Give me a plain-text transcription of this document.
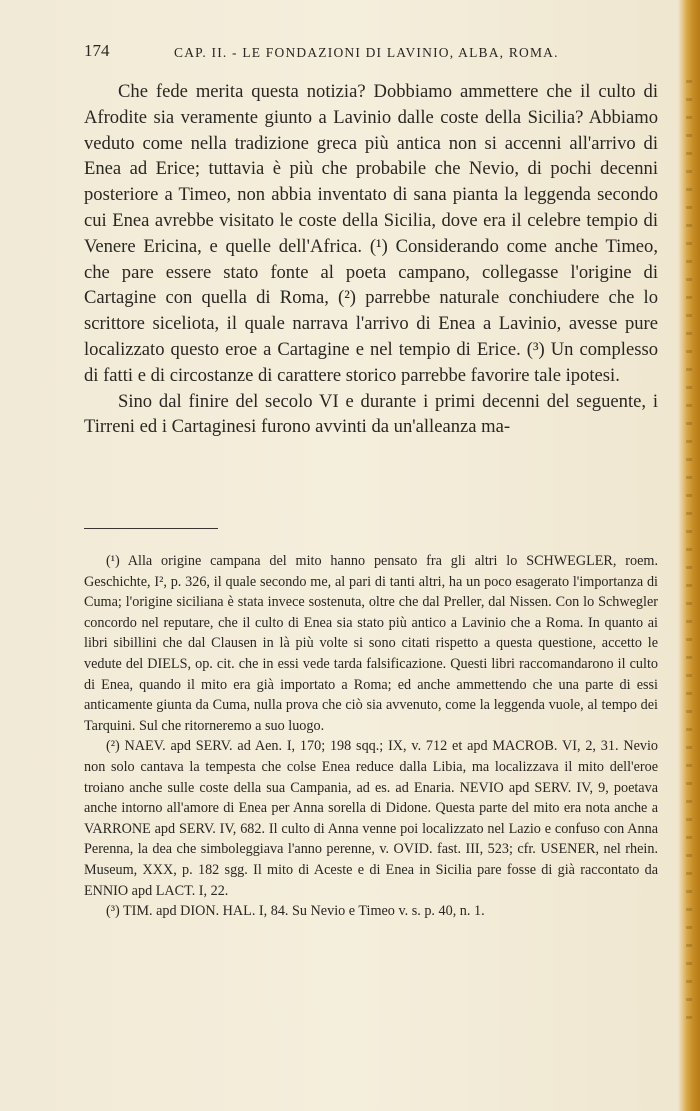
174	CAP. II. - LE FONDAZIONI DI LAVINIO, ALBA, ROMA.

Che fede merita questa notizia? Dobbiamo ammettere che il culto di Afrodite sia veramente giunto a Lavinio dalle coste della Sicilia? Abbiamo veduto come nella tradizione greca più antica non si accenni all'arrivo di Enea ad Erice; tuttavia è più che probabile che Nevio, di pochi decenni posteriore a Timeo, non abbia inventato di sana pianta la leggenda secondo cui Enea avrebbe visitato le coste della Sicilia, dove era il celebre tempio di Venere Ericina, e quelle dell'Africa. (¹) Considerando come anche Timeo, che pare essere stato fonte al poeta campano, collegasse l'origine di Cartagine con quella di Roma, (²) parrebbe naturale conchiudere che lo scrittore siceliota, il quale narrava l'arrivo di Enea a Lavinio, avesse pure localizzato questo eroe a Cartagine e nel tempio di Erice. (³) Un complesso di fatti e di circostanze di carattere storico parrebbe favorire tale ipotesi.

Sino dal finire del secolo VI e durante i primi decenni del seguente, i Tirreni ed i Cartaginesi furono avvinti da un'alleanza ma-

(¹) Alla origine campana del mito hanno pensato fra gli altri lo SCHWEGLER, roem. Geschichte, I², p. 326, il quale secondo me, al pari di tanti altri, ha un poco esagerato l'importanza di Cuma; l'origine siciliana è stata invece sostenuta, oltre che dal Preller, dal Nissen. Con lo Schwegler concordo nel reputare, che il culto di Enea sia stato più antico a Lavinio che a Roma. In quanto ai libri sibillini che dal Clausen in là più volte si sono citati rispetto a questa questione, accetto le vedute del DIELS, op. cit. che in essi vede tarda falsificazione. Questi libri raccomandarono il culto di Enea, quando il mito era già importato a Roma; ed anche ammettendo che una parte di essi anticamente giunta da Cuma, nulla prova che ciò sia avvenuto, come la leggenda vuole, al tempo dei Tarquini. Sul che ritorneremo a suo luogo.

(²) NAEV. apd SERV. ad Aen. I, 170; 198 sqq.; IX, v. 712 et apd MACROB. VI, 2, 31. Nevio non solo cantava la tempesta che colse Enea reduce dalla Libia, ma localizzava il mito dell'eroe troiano anche sulle coste della sua Campania, ad es. ad Enaria. NEVIO apd SERV. IV, 9, poetava anche intorno all'amore di Enea per Anna sorella di Didone. Questa parte del mito era nota anche a VARRONE apd SERV. IV, 682. Il culto di Anna venne poi localizzato nel Lazio e confuso con Anna Perenna, la dea che simboleggiava l'anno perenne, v. OVID. fast. III, 523; cfr. USENER, nel rhein. Museum, XXX, p. 182 sgg. Il mito di Aceste e di Enea in Sicilia pare fosse di già raccontato da ENNIO apd LACT. I, 22.

(³) TIM. apd DION. HAL. I, 84. Su Nevio e Timeo v. s. p. 40, n. 1.
